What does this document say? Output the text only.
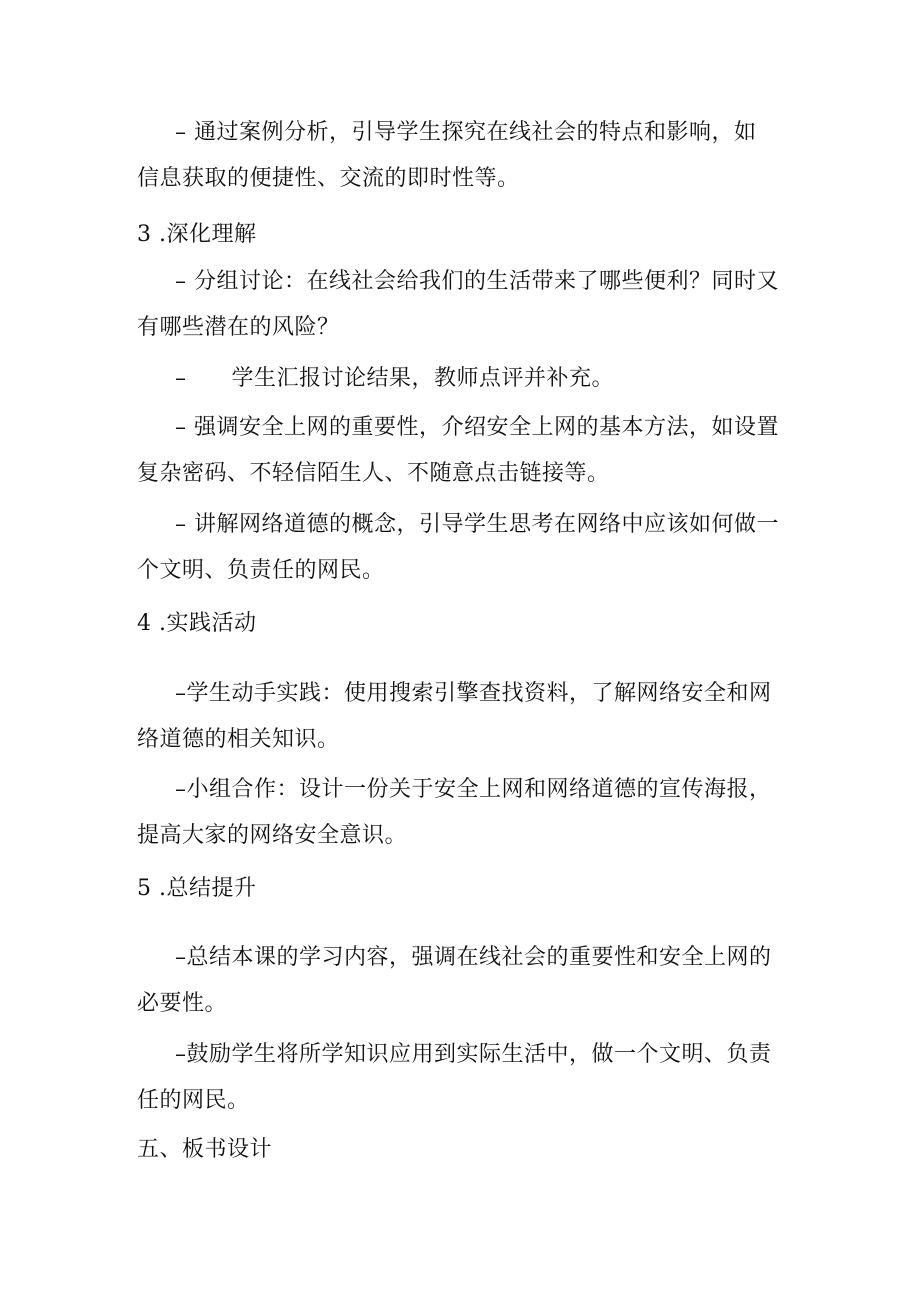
– 通过案例分析，引导学生探究在线社会的特点和影响，如
信息获取的便捷性、交流的即时性等。
3 .深化理解
– 分组讨论：在线社会给我们的生活带来了哪些便利？同时又
有哪些潜在的风险？
–　　学生汇报讨论结果，教师点评并补充。
– 强调安全上网的重要性，介绍安全上网的基本方法，如设置
复杂密码、不轻信陌生人、不随意点击链接等。
– 讲解网络道德的概念，引导学生思考在网络中应该如何做一
个文明、负责任的网民。
4 .实践活动
–学生动手实践：使用搜索引擎查找资料，了解网络安全和网
络道德的相关知识。
–小组合作：设计一份关于安全上网和网络道德的宣传海报，
提高大家的网络安全意识。
5 .总结提升
–总结本课的学习内容，强调在线社会的重要性和安全上网的
必要性。
–鼓励学生将所学知识应用到实际生活中，做一个文明、负责
任的网民。
五、板书设计
